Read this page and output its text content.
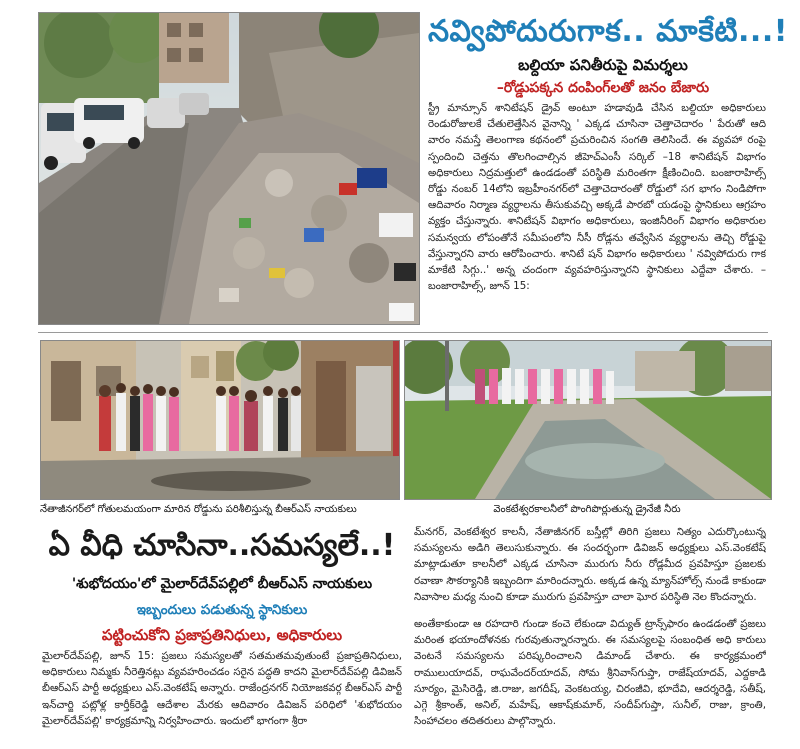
నవ్విపోదురుగాక.. మాకేటి...!
బల్దియా పనితీరుపై విమర్శలు
–రోడ్డుపక్కన దంపింగ్‌లతో జనం బేజారు
స్ట్రీ మాన్సూన్ శానిటేషన్ డ్రైవ్ అంటూ హడావుడి చేసిన బల్దియా అధికారులు రెండురోజులకే చేతులెత్తేసిన వైనాన్ని ' ఎక్కడ చూసినా చెత్తాచెదారం ' పేరుతో ఆది వారం నమస్తే తెలంగాణ కథనంలో ప్రచురించిన సంగతి తెలిసిందే. ఈ వ్యవహా రంపై స్పందించి చెత్తను తొలగించాల్సిన జీహెచ్ఎంసీ సర్కిల్ –18 శానిటేషన్ విభాగం అధికారులు నిద్రమత్తులో ఉండడంతో పరిస్థితి మరింతగా క్షీణించింది. బంజారాహిల్స్ రోడ్డు నంబర్ 14లోని ఇబ్రహీంనగర్‌లో చెత్తాచెదారంతో రోడ్డులో సగ భాగం నిండిపోగా ఆదివారం నిర్మాణ వ్యర్థాలను తీసుకువచ్చి అక్కడే పారబో యడంపై స్థానికులు ఆగ్రహం వ్యక్తం చేస్తున్నారు. శానిటేషన్ విభాగం అధికారులు, ఇంజినీరింగ్ విభాగం అధికారుల సమన్వయ లోపంతోనే సమీపంలోని నీసీ రోడ్లను తవ్వేసిన వ్యర్థాలను తెచ్చి రోడ్డుపై వేస్తున్నారని వారు ఆరోపించారు. శానిటే షన్ విభాగం అధికారులు ' నవ్విపోదురు గాక మాకేటి సిగ్గు..' అన్న చందంగా వ్యవహరిస్తున్నారని స్థానికులు ఎద్దేవా చేశారు. – బంజారాహిల్స్, జూన్ 15:
నేతాజీనగర్‌లో గోతులమయంగా మారిన రోడ్డును పరిశీలిస్తున్న బీఆర్ఎస్ నాయకులు	వెంకటేశ్వరకాలనీలో పొంగిపొర్లుతున్న డ్రైనేజీ నీరు
ఏ వీధి చూసినా..సమస్యలే..!
'శుభోదయం'లో మైలార్‌దేవ్‌పల్లిలో బీఆర్ఎస్ నాయకులు
ఇబ్బందులు పడుతున్న స్థానికులు
పట్టించుకోని ప్రజాప్రతినిధులు, అధికారులు
మైలార్‌దేవ్‌పల్లి, జూన్ 15: ప్రజలు సమస్యలతో సతమతమవుతుంటే ప్రజాప్రతినిధులు, అధికారులు నిమ్మకు నీరెత్తినట్లు వ్యవహరించడం సరైన పద్ధతి కాదని మైలార్‌దేవ్‌పల్లి డివిజన్ బీఆర్ఎస్ పార్టీ అధ్యక్షులు ఎస్.వెంకటేష్ అన్నారు. రాజేంద్రనగర్ నియోజకవర్గ బీఆర్ఎస్ పార్టీ ఇన్‌చార్జి పట్లోళ్ల కార్తీక్‌రెడ్డి ఆదేశాల మేరకు ఆదివారం డివిజన్ పరిధిలో 'శుభోదయం మైలార్‌దేవ్‌పల్లి' కార్యక్రమాన్ని నిర్వహించారు. ఇందులో భాగంగా శ్రీరా
మ్‌నగర్, వెంకటేశ్వర కాలనీ, నేతాజీనగర్ బస్తీల్లో తిరిగి ప్రజలు నిత్యం ఎదుర్కొంటున్న సమస్యలను అడిగి తెలుసుకున్నారు. ఈ సందర్భంగా డివిజన్ అధ్యక్షులు ఎస్.వెంకటేష్ మాట్లాడుతూ కాలనీలో ఎక్కడ చూసినా మురుగు నీరు రోడ్లమీద ప్రవహిస్తూ ప్రజలకు రవాణా సౌకర్యానికి ఇబ్బందిగా మారిందన్నారు. అక్కడ ఉన్న మ్యాన్‌హోల్స్ నుండే కాకుండా నివాసాల మధ్య నుంచి కూడా మురుగు ప్రవహిస్తూ చాలా ఘోర పరిస్థితి నెల కొందన్నారు.
అంతేకాకుండా ఆ రహదారి గుండా కంచె లేకుండా విద్యుత్ ట్రాన్స్‌ఫారం ఉండడంతో ప్రజలు మరింత భయాందోళనకు గురవుతున్నారన్నారు. ఈ సమస్యలపై సంబంధిత అధి కారులు వెంటనే సమస్యలను పరిష్కరించాలని డిమాండ్ చేశారు. ఈ కార్యక్రమంలో రాములుయాదవ్, రాఘవేందర్‌యాదవ్, సోమ శ్రీనివాస్‌గుప్తా, రాజేష్‌యాదవ్, ఎద్దకాడి సూర్యం, మైసిరెడ్డి, జి.రాజు, జగదీష్, వెంకటయ్య, చిరంజీవి, భూదేవి, ఆదర్శరెడ్డి, సతీష్, ఎగ్గె శ్రీకాంత్, అనిల్, మహేష్, ఆకాష్‌కుమార్, సందీప్‌గుప్తా, సునీల్, రాజు, క్రాంతి, సింహాచలం తదితరులు పాల్గొన్నారు.
